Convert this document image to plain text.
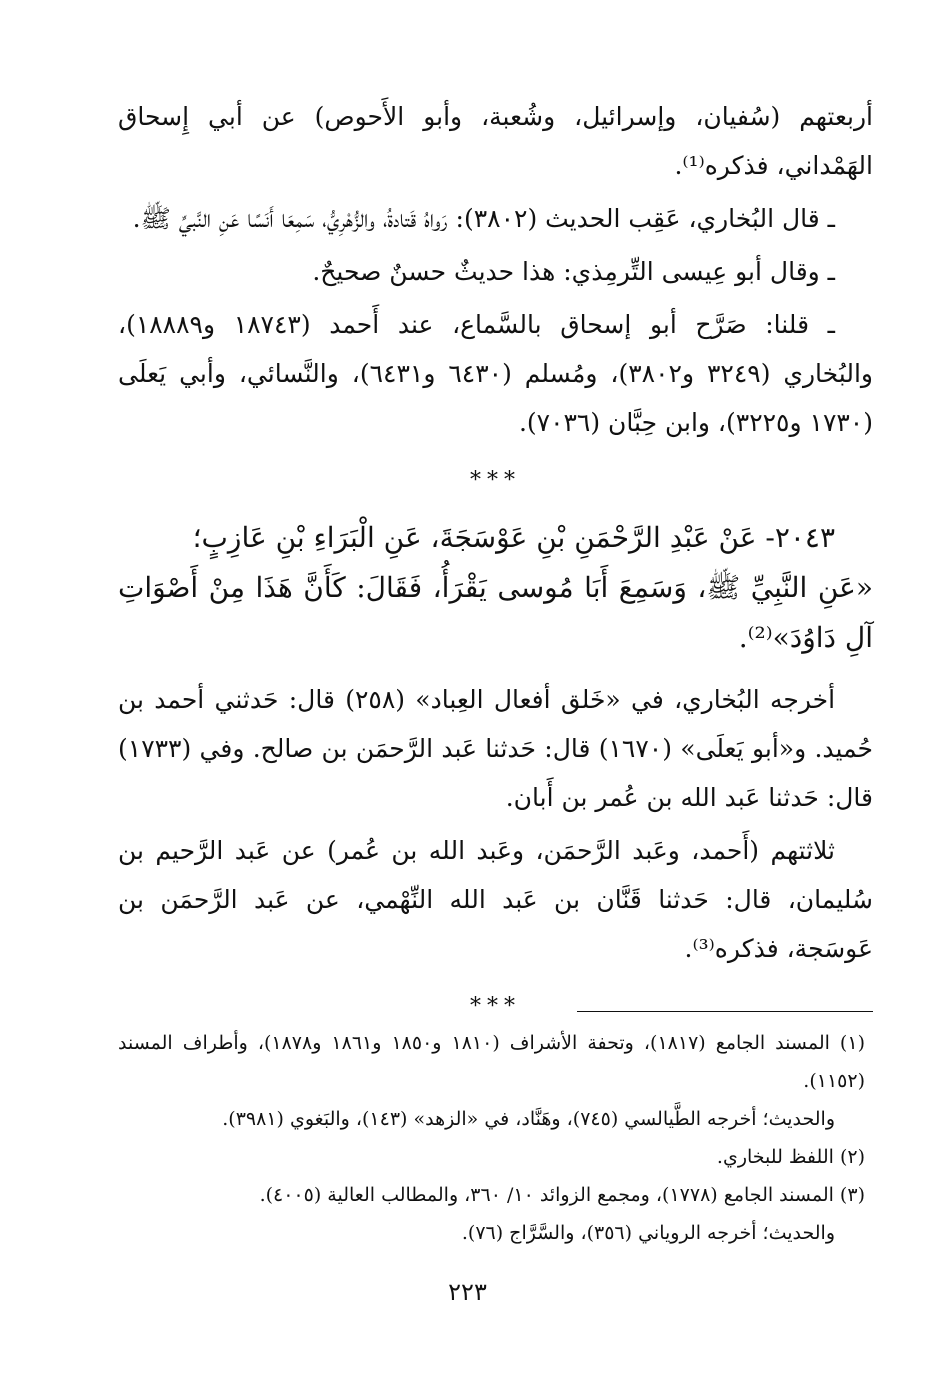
أربعتهم (سُفيان، وإسرائيل، وشُعبة، وأبو الأَحوص) عن أبي إِسحاق الهَمْداني، فذكره⁽¹⁾.

ـ قال البُخاري، عَقِب الحديث (٣٨٠٢): رَواهُ قَتادةُ، والزُّهْرِيُّ، سَمِعَا أَنَسًا عَنِ النَّبيِّ ﷺ.

ـ وقال أبو عِيسى التِّرمِذي: هذا حديثٌ حسنٌ صحيحٌ.

ـ قلنا: صَرَّح أبو إسحاق بالسَّماع، عند أَحمد (١٨٧٤٣ و١٨٨٨٩)، والبُخاري (٣٢٤٩ و٣٨٠٢)، ومُسلم (٦٤٣٠ و٦٤٣١)، والنَّسائي، وأبي يَعلَى (١٧٣٠ و٣٢٢٥)، وابن حِبَّان (٧٠٣٦).

***

٢٠٤٣- عَنْ عَبْدِ الرَّحْمَنِ بْنِ عَوْسَجَةَ، عَنِ الْبَرَاءِ بْنِ عَازِبٍ؛

«عَنِ النَّبِيِّ ﷺ، وَسَمِعَ أَبَا مُوسى يَقْرَأُ، فَقَالَ: كَأَنَّ هَذَا مِنْ أَصْوَاتِ آلِ دَاوُدَ»⁽²⁾.

أخرجه البُخاري، في «خَلق أفعال العِباد» (٢٥٨) قال: حَدثني أحمد بن حُميد. و«أبو يَعلَى» (١٦٧٠) قال: حَدثنا عَبد الرَّحمَن بن صالح. وفي (١٧٣٣) قال: حَدثنا عَبد الله بن عُمر بن أَبان.

ثلاثتهم (أَحمد، وعَبد الرَّحمَن، وعَبد الله بن عُمر) عن عَبد الرَّحيم بن سُليمان، قال: حَدثنا قَنَّان بن عَبد الله النِّهْمي، عن عَبد الرَّحمَن بن عَوسَجة، فذكره⁽³⁾.

***

(١) المسند الجامع (١٨١٧)، وتحفة الأشراف (١٨١٠ و١٨٥٠ و١٨٦١ و١٨٧٨)، وأطراف المسند (١١٥٢).

والحديث؛ أخرجه الطَّيالسي (٧٤٥)، وهَنَّاد، في «الزهد» (١٤٣)، والبَغوي (٣٩٨١).

(٢) اللفظ للبخاري.

(٣) المسند الجامع (١٧٧٨)، ومجمع الزوائد ١٠/ ٣٦٠، والمطالب العالية (٤٠٠٥).

والحديث؛ أخرجه الروياني (٣٥٦)، والسَّرَّاج (٧٦).

٢٢٣
